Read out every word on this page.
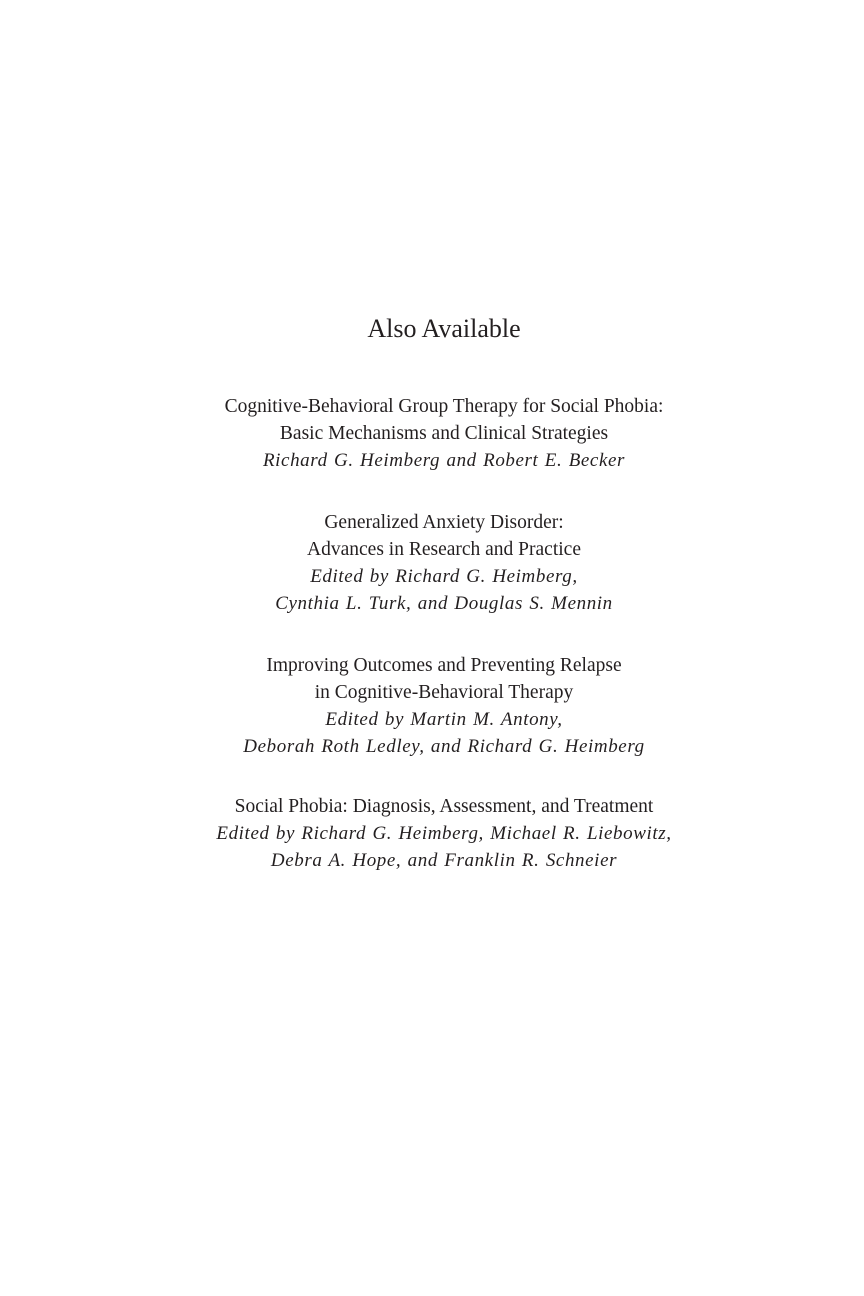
Also Available
Cognitive-Behavioral Group Therapy for Social Phobia:
Basic Mechanisms and Clinical Strategies
Richard G. Heimberg and Robert E. Becker
Generalized Anxiety Disorder:
Advances in Research and Practice
Edited by Richard G. Heimberg,
Cynthia L. Turk, and Douglas S. Mennin
Improving Outcomes and Preventing Relapse
in Cognitive-Behavioral Therapy
Edited by Martin M. Antony,
Deborah Roth Ledley, and Richard G. Heimberg
Social Phobia: Diagnosis, Assessment, and Treatment
Edited by Richard G. Heimberg, Michael R. Liebowitz,
Debra A. Hope, and Franklin R. Schneier
